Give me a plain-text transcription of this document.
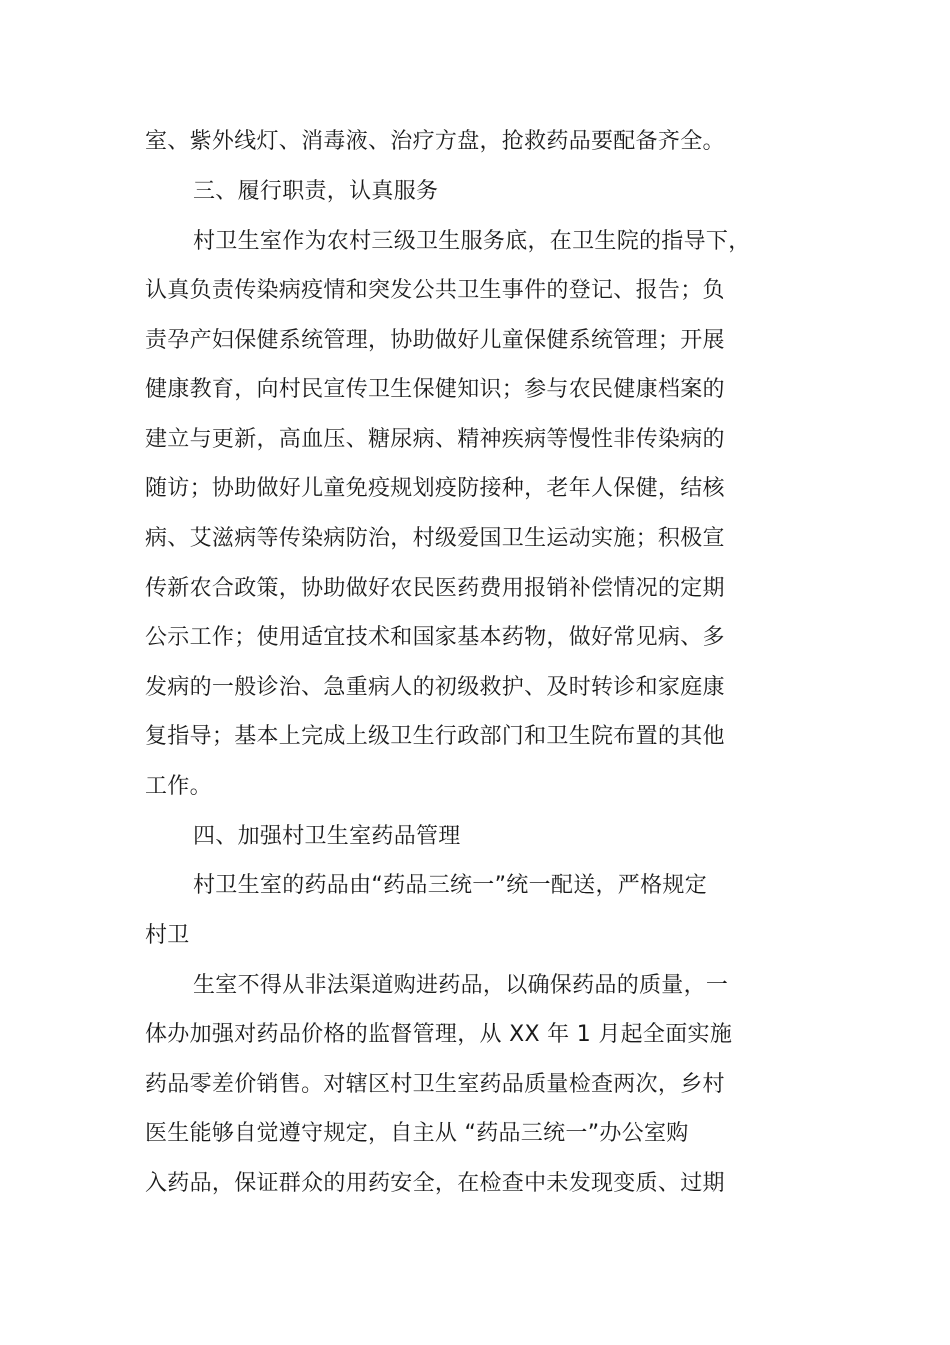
室、紫外线灯、消毒液、治疗方盘，抢救药品要配备齐全。
三、履行职责，认真服务
村卫生室作为农村三级卫生服务底，在卫生院的指导下，
认真负责传染病疫情和突发公共卫生事件的登记、报告；负
责孕产妇保健系统管理，协助做好儿童保健系统管理；开展
健康教育，向村民宣传卫生保健知识；参与农民健康档案的
建立与更新，高血压、糖尿病、精神疾病等慢性非传染病的
随访；协助做好儿童免疫规划疫防接种，老年人保健，结核
病、艾滋病等传染病防治，村级爱国卫生运动实施；积极宣
传新农合政策，协助做好农民医药费用报销补偿情况的定期
公示工作；使用适宜技术和国家基本药物，做好常见病、多
发病的一般诊治、急重病人的初级救护、及时转诊和家庭康
复指导；基本上完成上级卫生行政部门和卫生院布置的其他
工作。
四、加强村卫生室药品管理
村卫生室的药品由“药品三统一”统一配送，严格规定
村卫
生室不得从非法渠道购进药品，以确保药品的质量，一
体办加强对药品价格的监督管理，从 XX 年 1 月起全面实施
药品零差价销售。对辖区村卫生室药品质量检查两次，乡村
医生能够自觉遵守规定，自主从 “药品三统一”办公室购
入药品，保证群众的用药安全，在检查中未发现变质、过期
